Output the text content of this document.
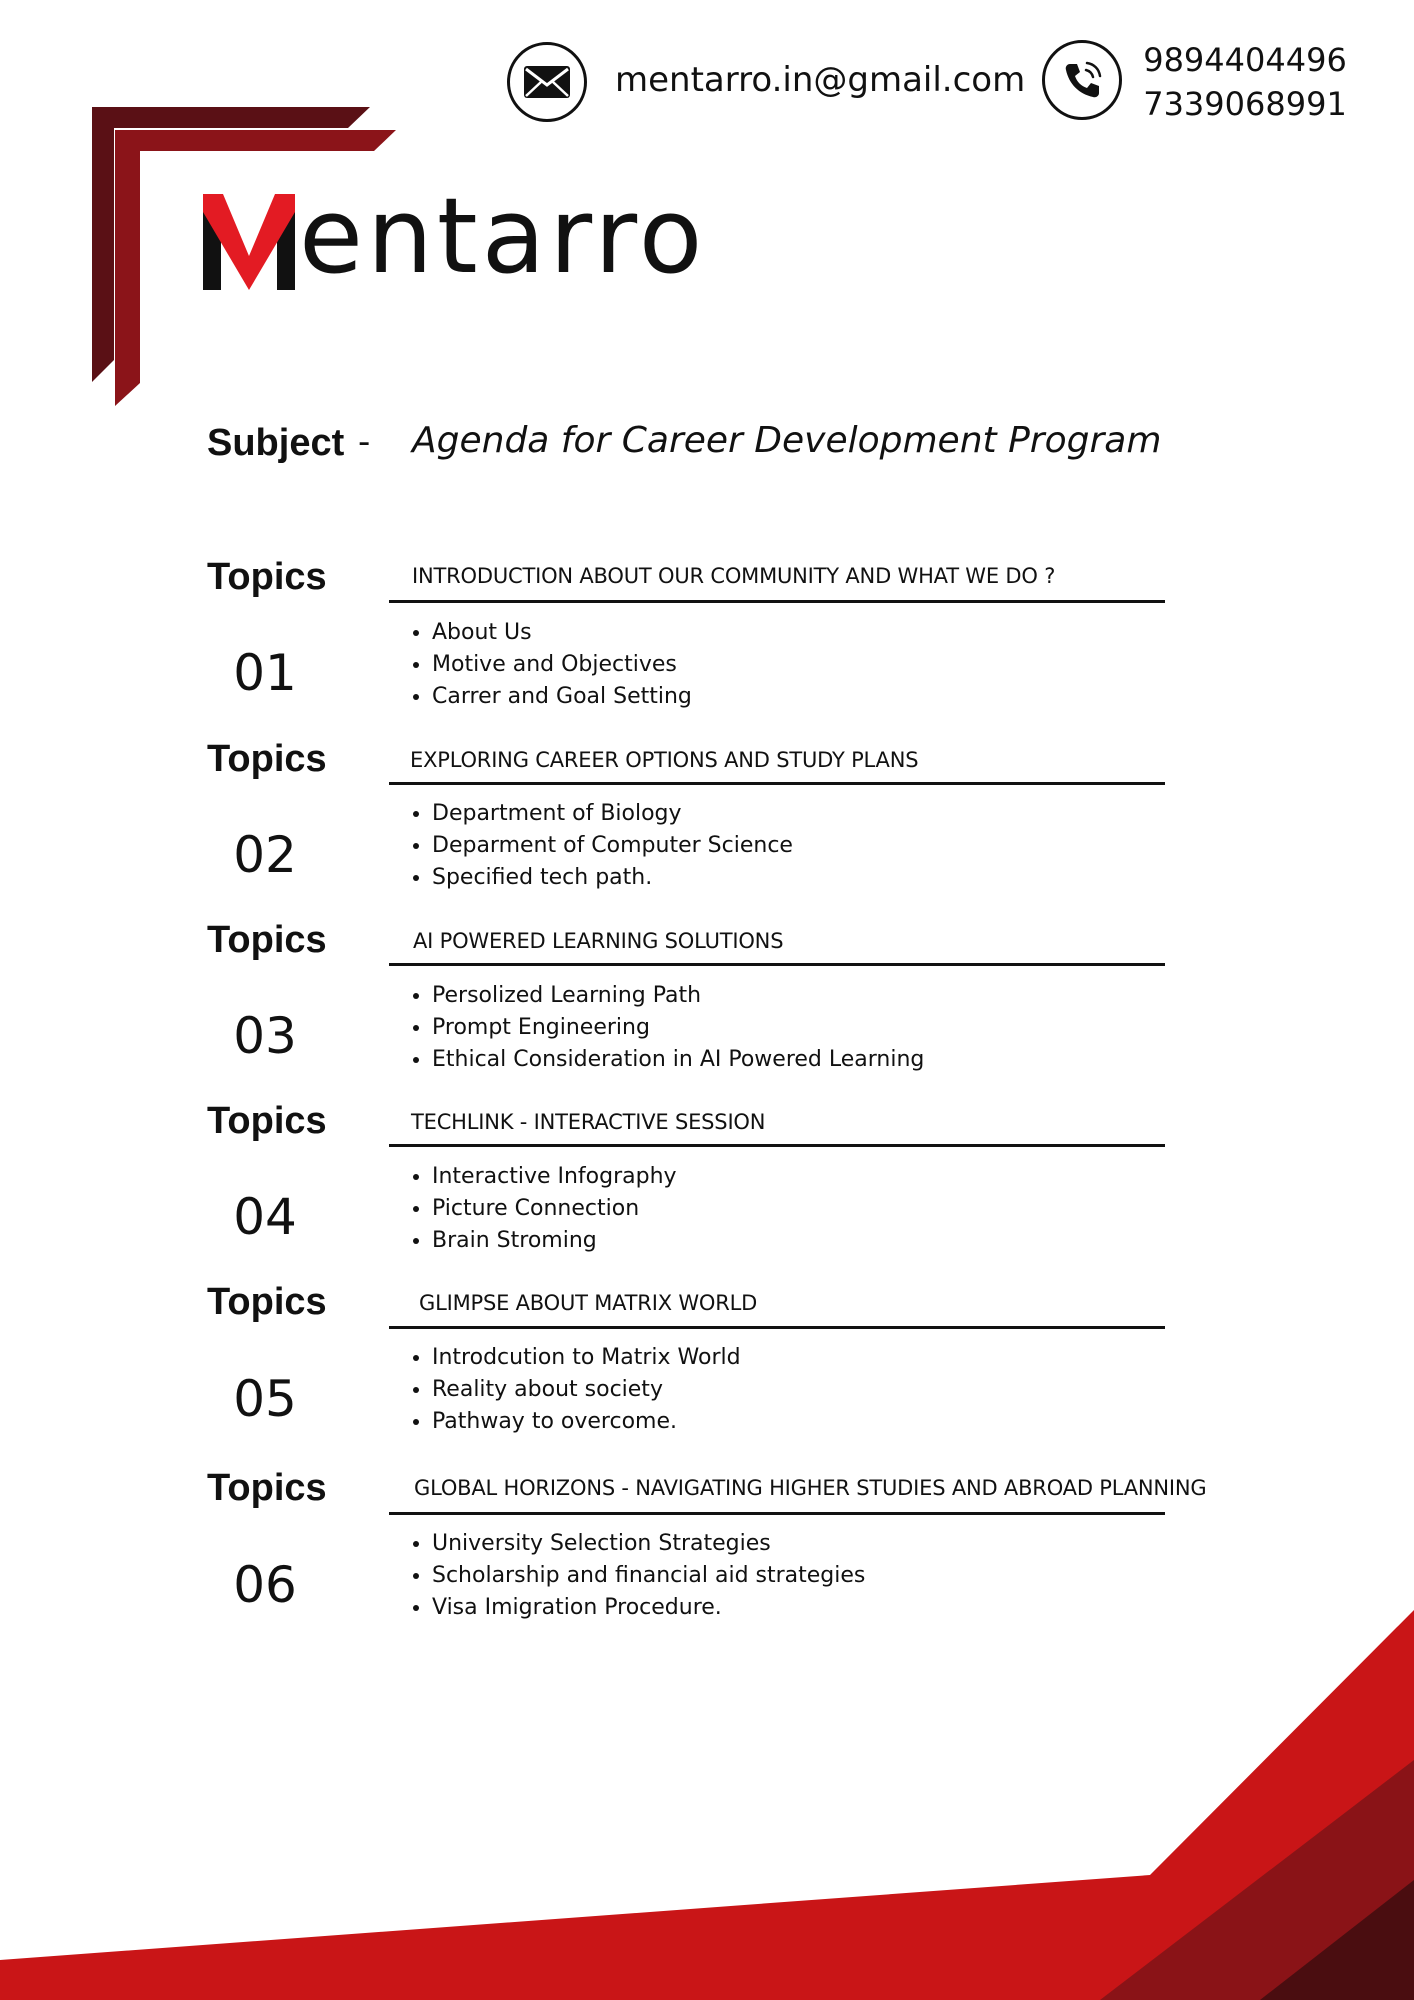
mentarro.in@gmail.com	9894404496
7339068991
entarro
Subject - Agenda for Career Development Program
Topics	INTRODUCTION ABOUT OUR COMMUNITY AND WHAT WE DO ?
01
• About Us
• Motive and Objectives
• Carrer and Goal Setting
Topics	EXPLORING CAREER OPTIONS AND STUDY PLANS
02
• Department of Biology
• Deparment of Computer Science
• Specified tech path.
Topics	AI POWERED LEARNING SOLUTIONS
03
• Persolized Learning Path
• Prompt Engineering
• Ethical Consideration in AI Powered Learning
Topics	TECHLINK - INTERACTIVE SESSION
04
• Interactive Infography
• Picture Connection
• Brain Stroming
Topics	GLIMPSE ABOUT MATRIX WORLD
05
• Introdcution to Matrix World
• Reality about society
• Pathway to overcome.
Topics	GLOBAL HORIZONS - NAVIGATING HIGHER STUDIES AND ABROAD PLANNING
06
• University Selection Strategies
• Scholarship and financial aid strategies
• Visa Imigration Procedure.
